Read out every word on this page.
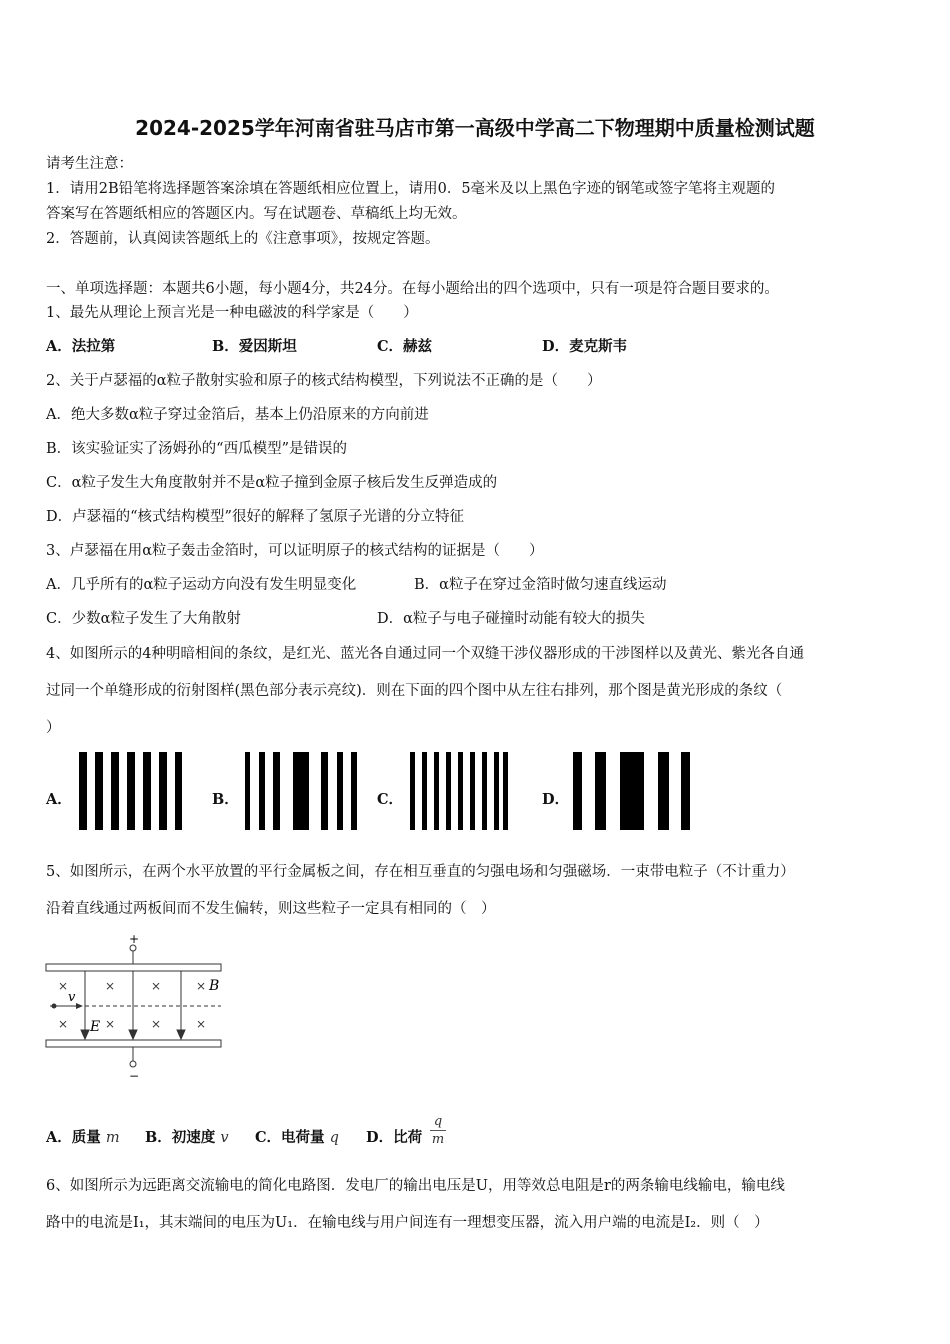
2024-2025学年河南省驻马店市第一高级中学高二下物理期中质量检测试题
请考生注意：
1．请用2B铅笔将选择题答案涂填在答题纸相应位置上，请用0．5毫米及以上黑色字迹的钢笔或签字笔将主观题的
答案写在答题纸相应的答题区内。写在试题卷、草稿纸上均无效。
2．答题前，认真阅读答题纸上的《注意事项》，按规定答题。
一、单项选择题：本题共6小题，每小题4分，共24分。在每小题给出的四个选项中，只有一项是符合题目要求的。
1、最先从理论上预言光是一种电磁波的科学家是（　　）
A．法拉第	B．爱因斯坦	C．赫兹	D．麦克斯韦
2、关于卢瑟福的α粒子散射实验和原子的核式结构模型，下列说法不正确的是（　　）
A．绝大多数α粒子穿过金箔后，基本上仍沿原来的方向前进
B．该实验证实了汤姆孙的“西瓜模型”是错误的
C．α粒子发生大角度散射并不是α粒子撞到金原子核后发生反弹造成的
D．卢瑟福的“核式结构模型”很好的解释了氢原子光谱的分立特征
3、卢瑟福在用α粒子轰击金箔时，可以证明原子的核式结构的证据是（　　）
A．几乎所有的α粒子运动方向没有发生明显变化	B．α粒子在穿过金箔时做匀速直线运动
C．少数α粒子发生了大角散射	D．α粒子与电子碰撞时动能有较大的损失
4、如图所示的4种明暗相间的条纹，是红光、蓝光各自通过同一个双缝干涉仪器形成的干涉图样以及黄光、紫光各自通
过同一个单缝形成的衍射图样(黑色部分表示亮纹)．则在下面的四个图中从左往右排列，那个图是黄光形成的条纹（
）
A．	B．	C．	D．
5、如图所示，在两个水平放置的平行金属板之间，存在相互垂直的匀强电场和匀强磁场．一束带电粒子（不计重力）
沿着直线通过两板间而不发生偏转，则这些粒子一定具有相同的（　）
+
−
v
×	×	×	×
×	×	×	×
B
E
A．质量 m B．初速度 v C．电荷量 q D．比荷
q
m
6、如图所示为远距离交流输电的简化电路图．发电厂的输出电压是U，用等效总电阻是r的两条输电线输电，输电线
路中的电流是I₁，其末端间的电压为U₁．在输电线与用户间连有一理想变压器，流入用户端的电流是I₂．则（　）
